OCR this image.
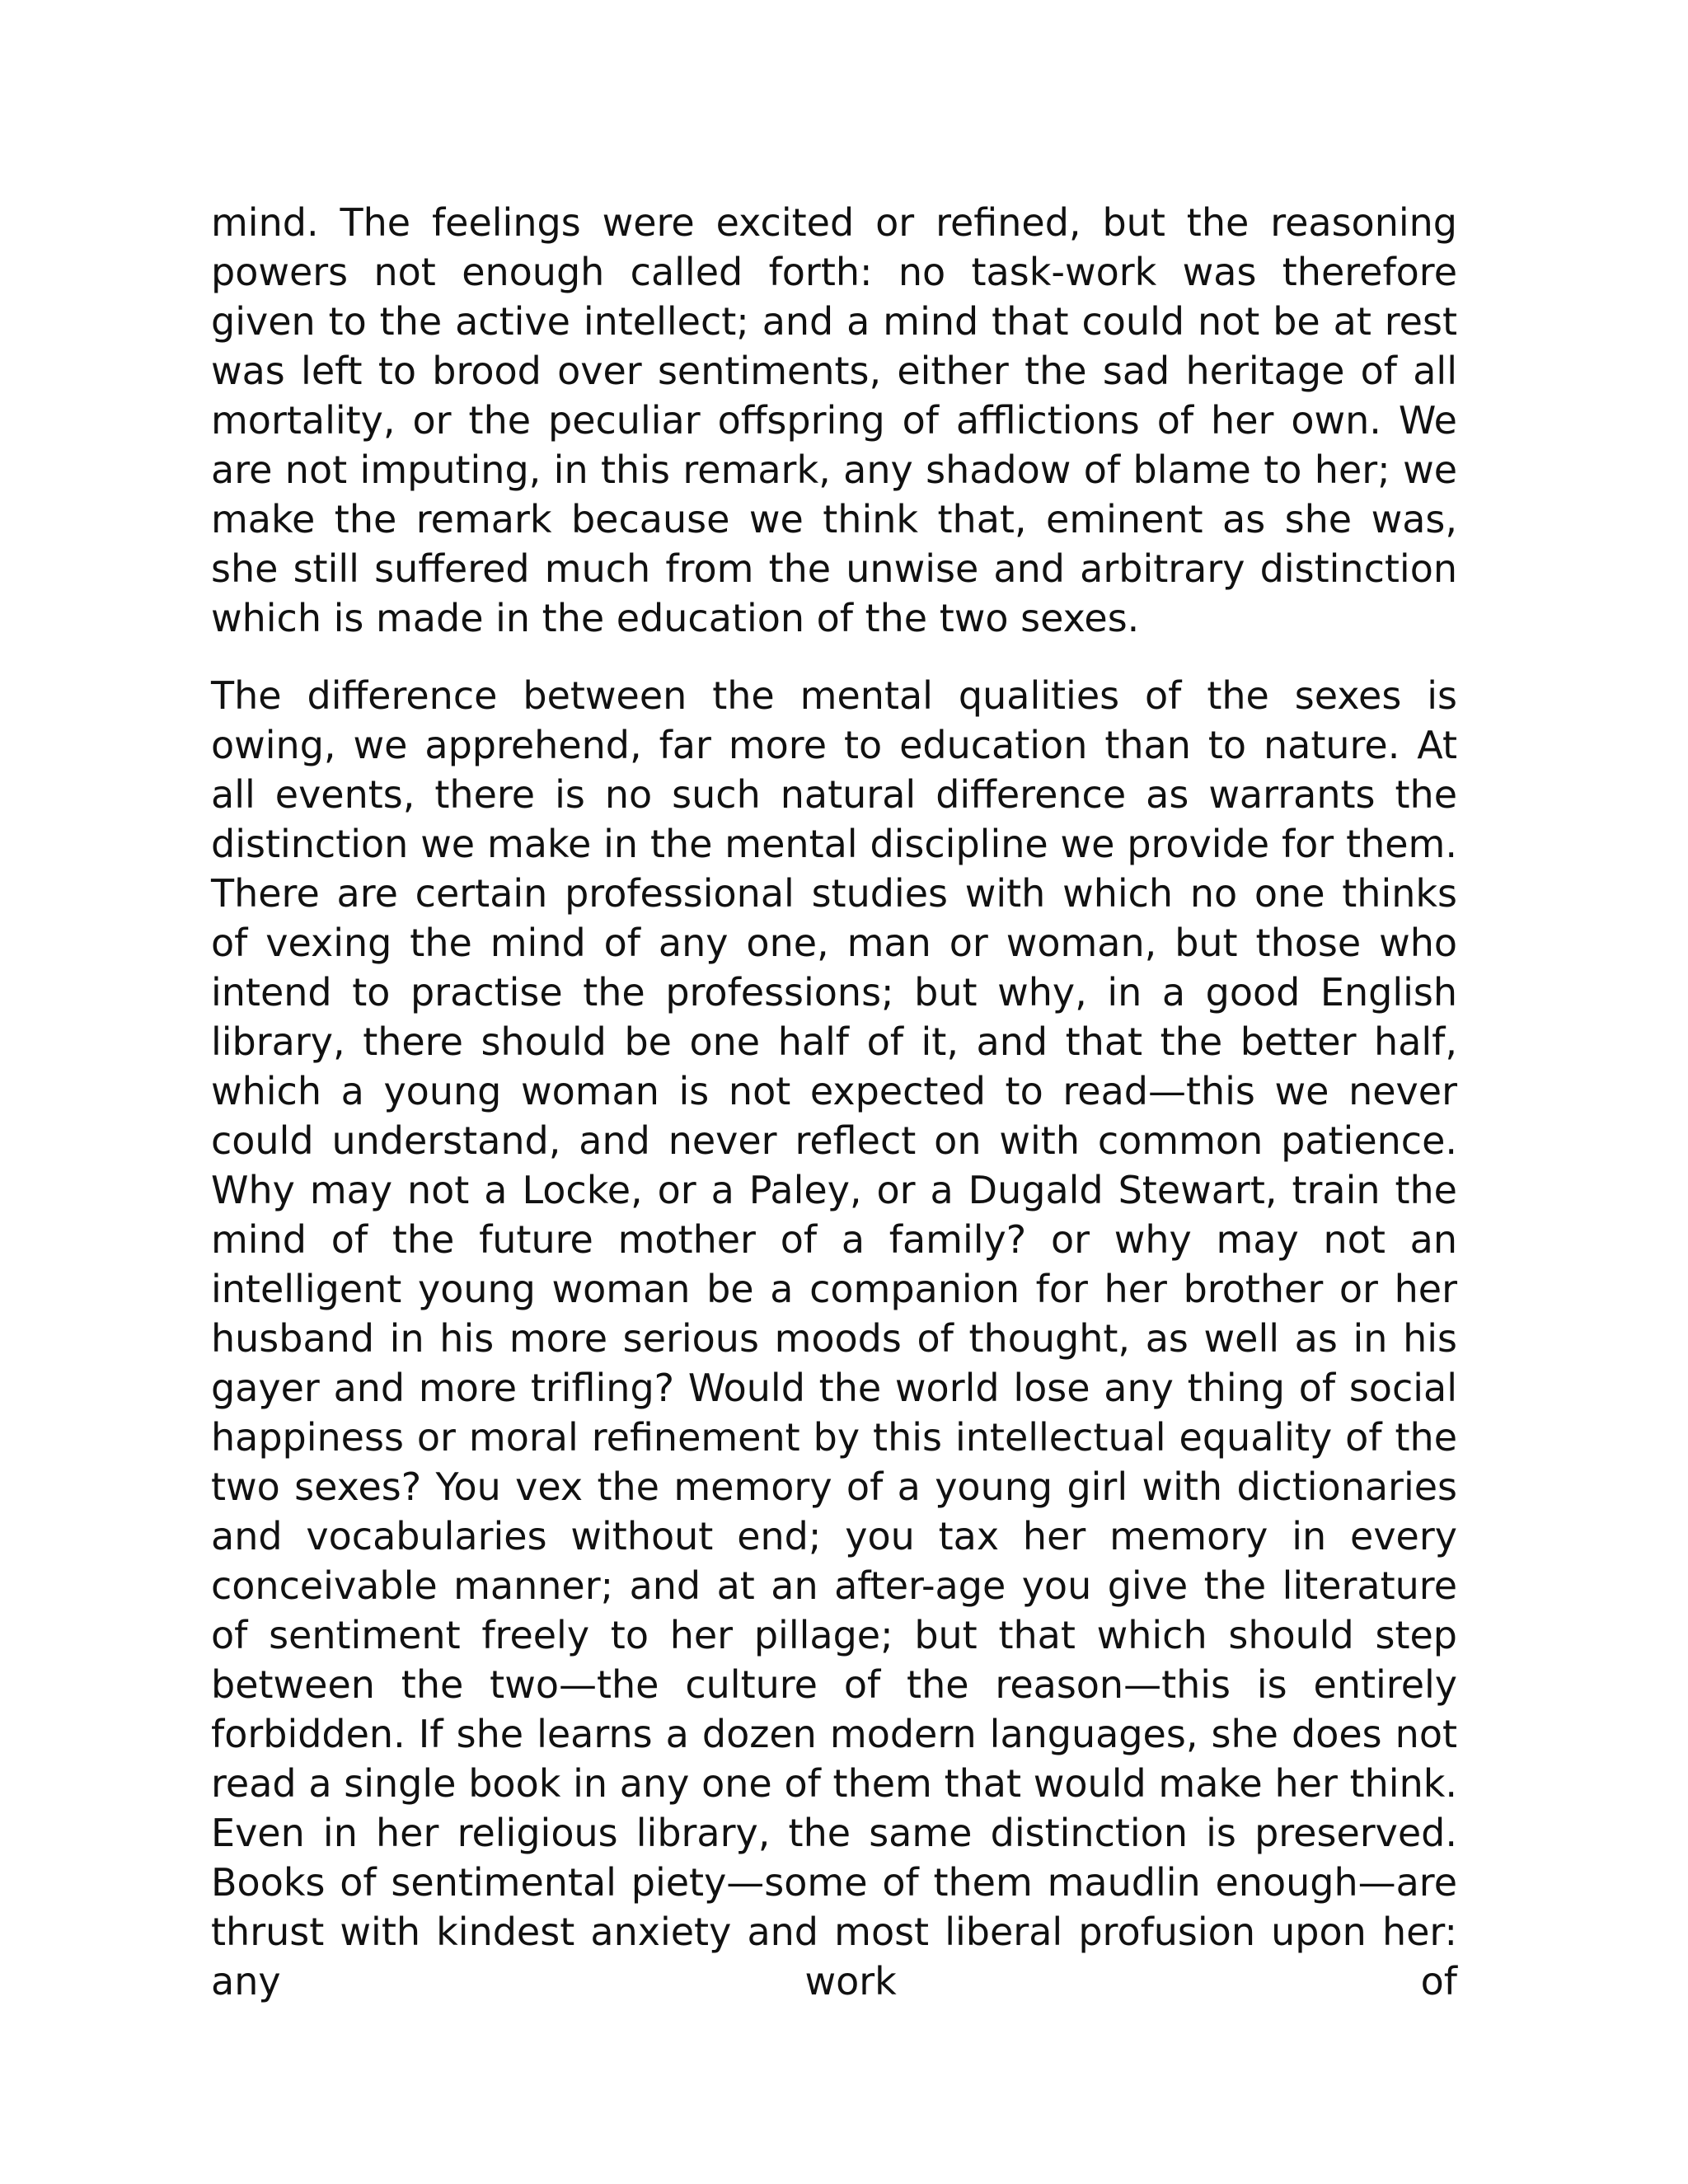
mind. The feelings were excited or refined, but the reasoning powers not enough called forth: no task-work was therefore given to the active intellect; and a mind that could not be at rest was left to brood over sentiments, either the sad heritage of all mortality, or the peculiar offspring of afflictions of her own. We are not imputing, in this remark, any shadow of blame to her; we make the remark because we think that, eminent as she was, she still suffered much from the unwise and arbitrary distinction which is made in the education of the two sexes.

The difference between the mental qualities of the sexes is owing, we apprehend, far more to education than to nature. At all events, there is no such natural difference as warrants the distinction we make in the mental discipline we provide for them. There are certain professional studies with which no one thinks of vexing the mind of any one, man or woman, but those who intend to practise the professions; but why, in a good English library, there should be one half of it, and that the better half, which a young woman is not expected to read—this we never could understand, and never reflect on with common patience. Why may not a Locke, or a Paley, or a Dugald Stewart, train the mind of the future mother of a family? or why may not an intelligent young woman be a companion for her brother or her husband in his more serious moods of thought, as well as in his gayer and more trifling? Would the world lose any thing of social happiness or moral refinement by this intellectual equality of the two sexes? You vex the memory of a young girl with dictionaries and vocabularies without end; you tax her memory in every conceivable manner; and at an after-age you give the literature of sentiment freely to her pillage; but that which should step between the two—the culture of the reason—this is entirely forbidden. If she learns a dozen modern languages, she does not read a single book in any one of them that would make her think. Even in her religious library, the same distinction is preserved. Books of sentimental piety—some of them maudlin enough—are thrust with kindest anxiety and most liberal profusion upon her: any work of
